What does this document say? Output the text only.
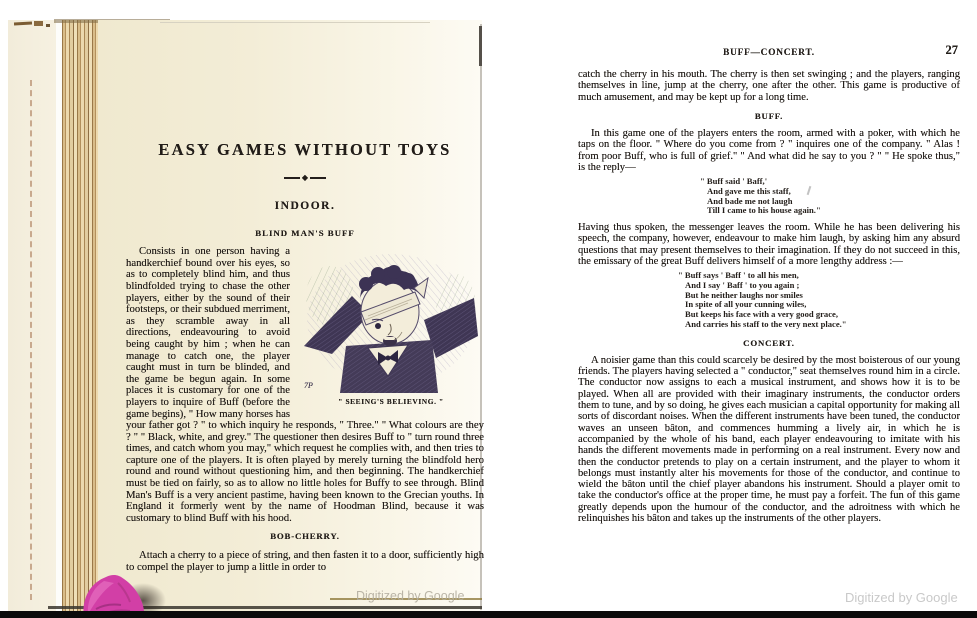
EASY GAMES WITHOUT TOYS
◆
INDOOR.
BLIND MAN'S BUFF
7P
" SEEING'S BELIEVING. "
Consists in one person having a handkerchief bound over his eyes, so as to completely blind him, and thus blindfolded trying to chase the other players, either by the sound of their footsteps, or their subdued merriment, as they scramble away in all directions, endeavouring to avoid being caught by him ; when he can manage to catch one, the player caught must in turn be blinded, and the game be begun again. In some places it is customary for one of the players to inquire of Buff (before the game begins), " How many horses has your father got ? " to which inquiry he responds, " Three." " What colours are they ? " " Black, white, and grey." The questioner then desires Buff to " turn round three times, and catch whom you may," which request he complies with, and then tries to capture one of the players. It is often played by merely turning the blindfold hero round and round without questioning him, and then beginning. The handkerchief must be tied on fairly, so as to allow no little holes for Buffy to see through. Blind Man's Buff is a very ancient pastime, having been known to the Grecian youths. In England it formerly went by the name of Hoodman Blind, because it was customary to blind Buff with his hood.
BOB-CHERRY.
Attach a cherry to a piece of string, and then fasten it to a door, sufficiently high to compel the player to jump a little in order to
BUFF—CONCERT.	27
catch the cherry in his mouth. The cherry is then set swinging ; and the players, ranging themselves in line, jump at the cherry, one after the other. This game is productive of much amusement, and may be kept up for a long time.
BUFF.
In this game one of the players enters the room, armed with a poker, with which he taps on the floor. " Where do you come from ? " inquires one of the company. " Alas ! from poor Buff, who is full of grief." " And what did he say to you ? " " He spoke thus," is the reply—
" Buff said ' Baff,'
And gave me this staff,
And bade me not laugh
Till I came to his house again."
Having thus spoken, the messenger leaves the room. While he has been delivering his speech, the company, however, endeavour to make him laugh, by asking him any absurd questions that may present themselves to their imagination. If they do not succeed in this, the emissary of the great Buff delivers himself of a more lengthy address :—
" Buff says ' Baff ' to all his men,
And I say ' Baff ' to you again ;
But he neither laughs nor smiles
In spite of all your cunning wiles,
But keeps his face with a very good grace,
And carries his staff to the very next place."
CONCERT.
A noisier game than this could scarcely be desired by the most boisterous of our young friends. The players having selected a " conductor," seat themselves round him in a circle. The conductor now assigns to each a musical instrument, and shows how it is to be played. When all are provided with their imaginary instruments, the conductor orders them to tune, and by so doing, he gives each musician a capital opportunity for making all sorts of discordant noises. When the different instruments have been tuned, the conductor waves an unseen bâton, and commences humming a lively air, in which he is accompanied by the whole of his band, each player endeavouring to imitate with his hands the different movements made in performing on a real instrument. Every now and then the conductor pretends to play on a certain instrument, and the player to whom it belongs must instantly alter his movements for those of the conductor, and continue to wield the bâton until the chief player abandons his instrument. Should a player omit to take the conductor's office at the proper time, he must pay a forfeit. The fun of this game greatly depends upon the humour of the conductor, and the adroitness with which he relinquishes his bâton and takes up the instruments of the other players.
Digitized by Google	Digitized by Google
